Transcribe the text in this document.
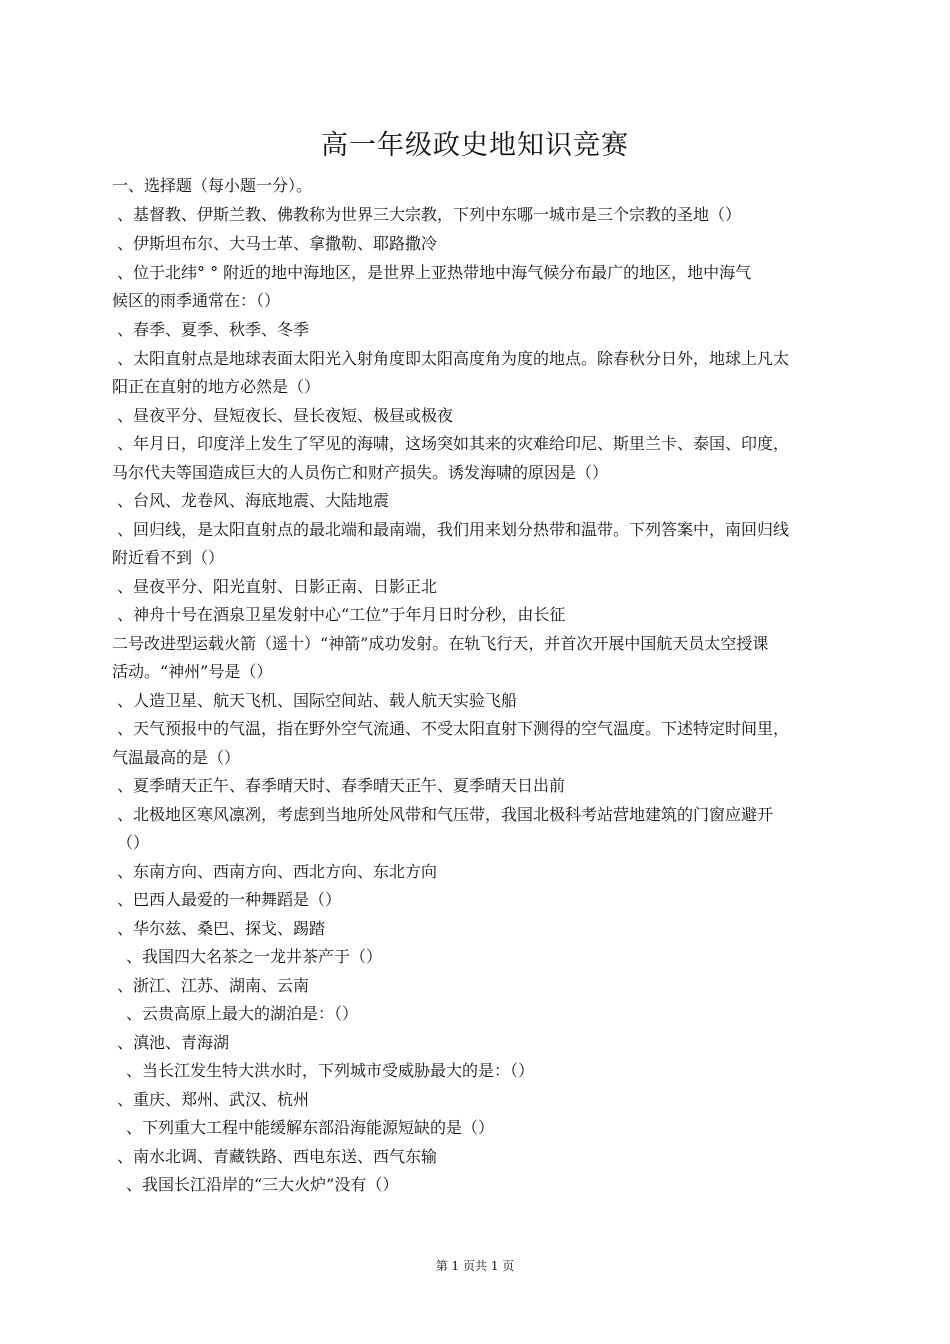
高一年级政史地知识竞赛
一、选择题（每小题一分）。
、基督教、伊斯兰教、佛教称为世界三大宗教，下列中东哪一城市是三个宗教的圣地（）
、伊斯坦布尔、大马士革、拿撒勒、耶路撒冷
、位于北纬° ° 附近的地中海地区，是世界上亚热带地中海气候分布最广的地区，地中海气
候区的雨季通常在：（）
、春季、夏季、秋季、冬季
、太阳直射点是地球表面太阳光入射角度即太阳高度角为度的地点。除春秋分日外，地球上凡太
阳正在直射的地方必然是（）
、昼夜平分、昼短夜长、昼长夜短、极昼或极夜
、年月日，印度洋上发生了罕见的海啸，这场突如其来的灾难给印尼、斯里兰卡、泰国、印度，
马尔代夫等国造成巨大的人员伤亡和财产损失。诱发海啸的原因是（）
、台风、龙卷风、海底地震、大陆地震
、回归线，是太阳直射点的最北端和最南端，我们用来划分热带和温带。下列答案中，南回归线
附近看不到（）
、昼夜平分、阳光直射、日影正南、日影正北
、神舟十号在酒泉卫星发射中心“工位”于年月日时分秒，由长征
二号改进型运载火箭（遥十）“神箭”成功发射。在轨飞行天，并首次开展中国航天员太空授课
活动。“神州”号是（）
、人造卫星、航天飞机、国际空间站、载人航天实验飞船
、天气预报中的气温，指在野外空气流通、不受太阳直射下测得的空气温度。下述特定时间里，
气温最高的是（）
、夏季晴天正午、春季晴天时、春季晴天正午、夏季晴天日出前
、北极地区寒风凛冽，考虑到当地所处风带和气压带，我国北极科考站营地建筑的门窗应避开
（）
、东南方向、西南方向、西北方向、东北方向
、巴西人最爱的一种舞蹈是（）
、华尔兹、桑巴、探戈、踢踏
、我国四大名茶之一龙井茶产于（）
、浙江、江苏、湖南、云南
、云贵高原上最大的湖泊是：（）
、滇池、青海湖
、当长江发生特大洪水时，下列城市受威胁最大的是：（）
、重庆、郑州、武汉、杭州
、下列重大工程中能缓解东部沿海能源短缺的是（）
、南水北调、青藏铁路、西电东送、西气东输
、我国长江沿岸的“三大火炉”没有（）
第 1 页共 1 页
